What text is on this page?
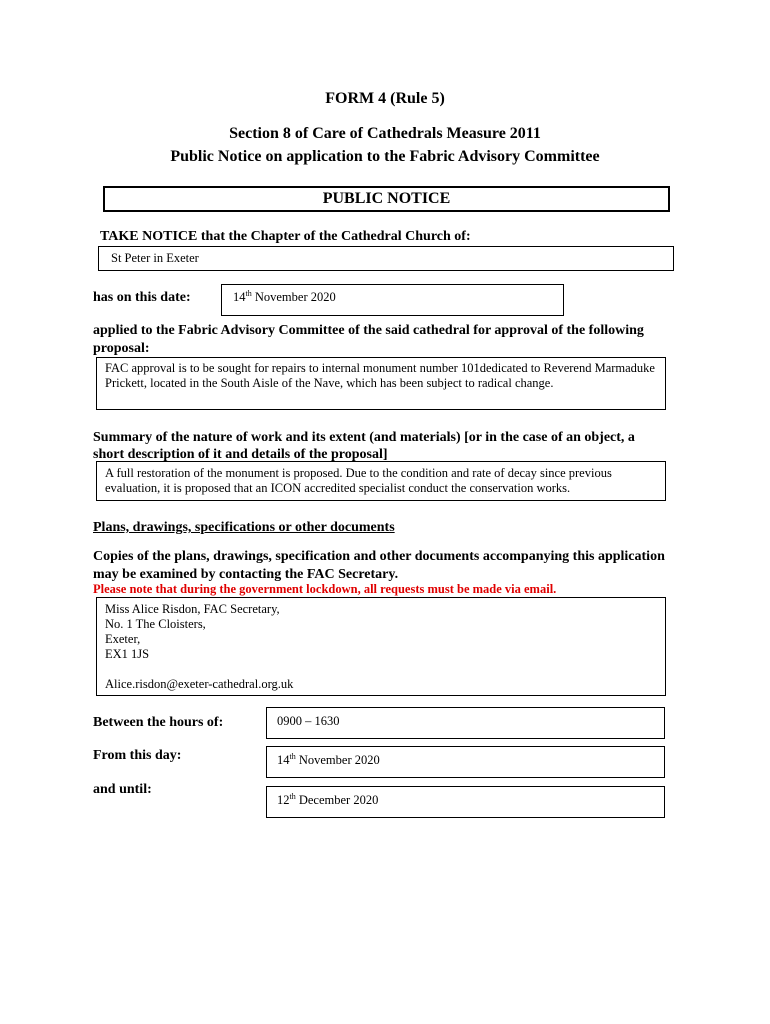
FORM 4 (Rule 5)
Section 8 of Care of Cathedrals Measure 2011
Public Notice on application to the Fabric Advisory Committee
PUBLIC NOTICE
TAKE NOTICE that the Chapter of the Cathedral Church of:
St Peter in Exeter
has on this date:	14th November 2020
applied to the Fabric Advisory Committee of the said cathedral for approval of the following proposal:
FAC approval is to be sought for repairs to internal monument number 101dedicated to Reverend Marmaduke Prickett, located in the South Aisle of the Nave, which has been subject to radical change.
Summary of the nature of work and its extent (and materials) [or in the case of an object, a short description of it and details of the proposal]
A full restoration of the monument is proposed. Due to the condition and rate of decay since previous evaluation, it is proposed that an ICON accredited specialist conduct the conservation works.
Plans, drawings, specifications or other documents
Copies of the plans, drawings, specification and other documents accompanying this application may be examined by contacting the FAC Secretary.
Please note that during the government lockdown, all requests must be made via email.
Miss Alice Risdon, FAC Secretary,
No. 1 The Cloisters,
Exeter,
EX1 1JS
Alice.risdon@exeter-cathedral.org.uk
Between the hours of:	0900 – 1630
From this day:	14th November 2020
and until:
12th December 2020
